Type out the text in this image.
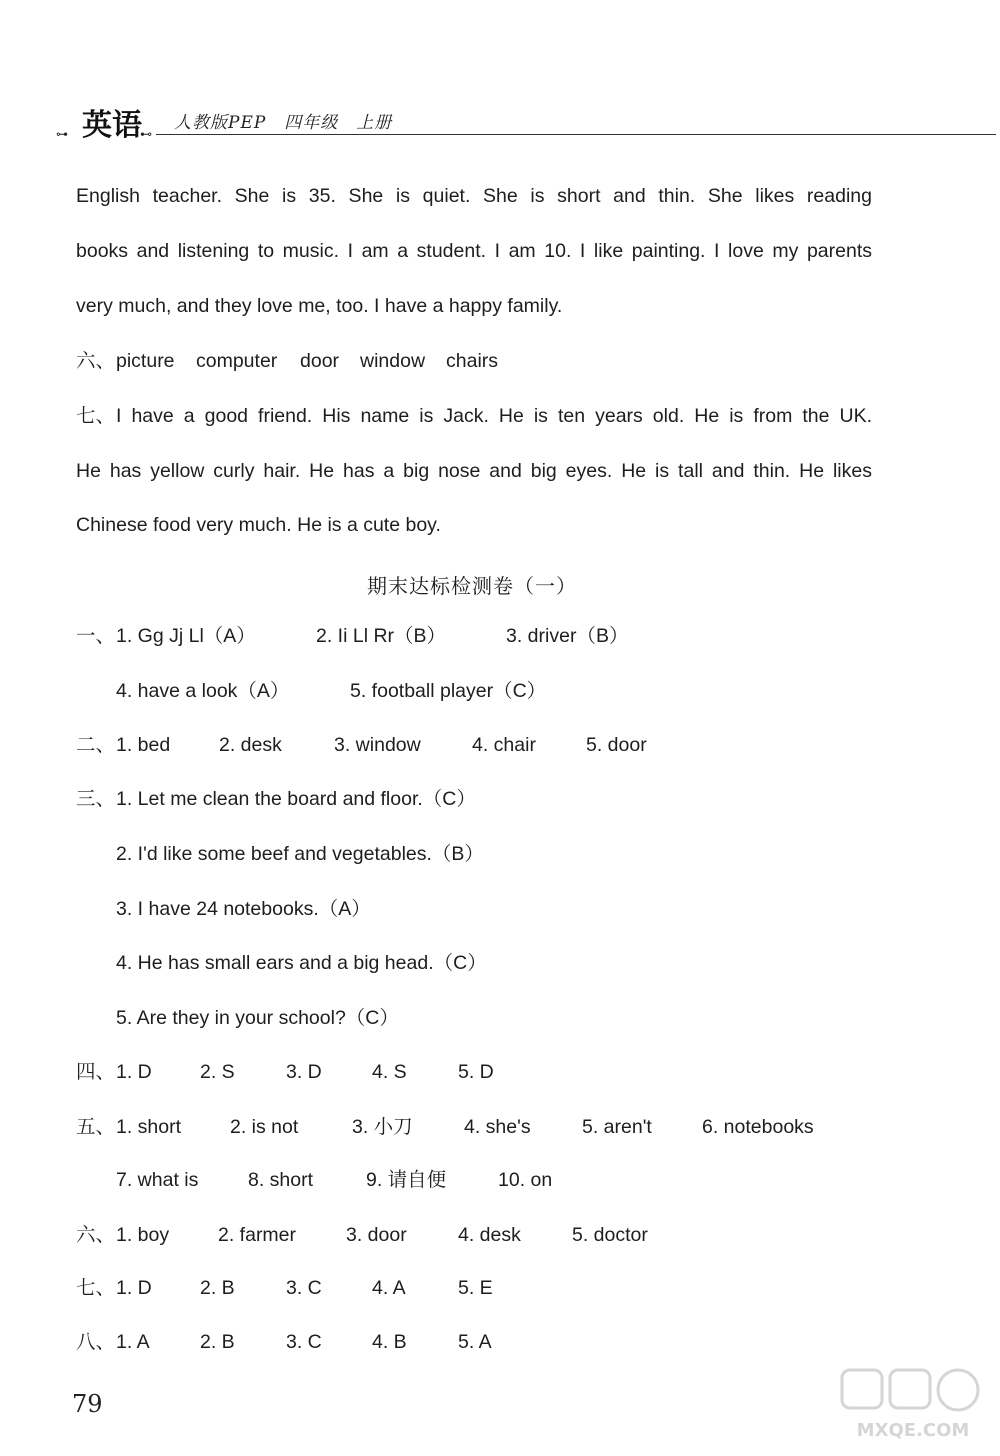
⊶ 英语
⊷
人教版PEP　四年级　上册
English teacher. She is 35. She is quiet. She is short and thin. She likes reading
books and listening to music. I am a student. I am 10. I like painting. I love my parents
very much, and they love me, too. I have a happy family.
六、 picture computer door window chairs
七、 I have a good friend. His name is Jack. He is ten years old. He is from the UK.
He has yellow curly hair. He has a big nose and big eyes. He is tall and thin. He likes
Chinese food very much. He is a cute boy.
期末达标检测卷（一）
一、 1. Gg Jj Ll（A）	2. Ii Ll Rr（B）	3. driver（B）
4. have a look（A）	5. football player（C）
二、 1. bed	2. desk	3. window	4. chair	5. door
三、 1. Let me clean the board and floor.（C）
2. I'd like some beef and vegetables.（B）
3. I have 24 notebooks.（A）
4. He has small ears and a big head.（C）
5. Are they in your school?（C）
四、 1. D 2. S	3. D	4. S	5. D
五、 1. short	2. is not	3. 小刀	4. she's	5. aren't	6. notebooks
7. what is	8. short	9. 请自便	10. on
六、 1. boy	2. farmer	3. door	4. desk	5. doctor
七、 1. D 2. B	3. C	4. A	5. E
八、 1. A	2. B	3. C	4. B	5. A
79
MXQE.COM
